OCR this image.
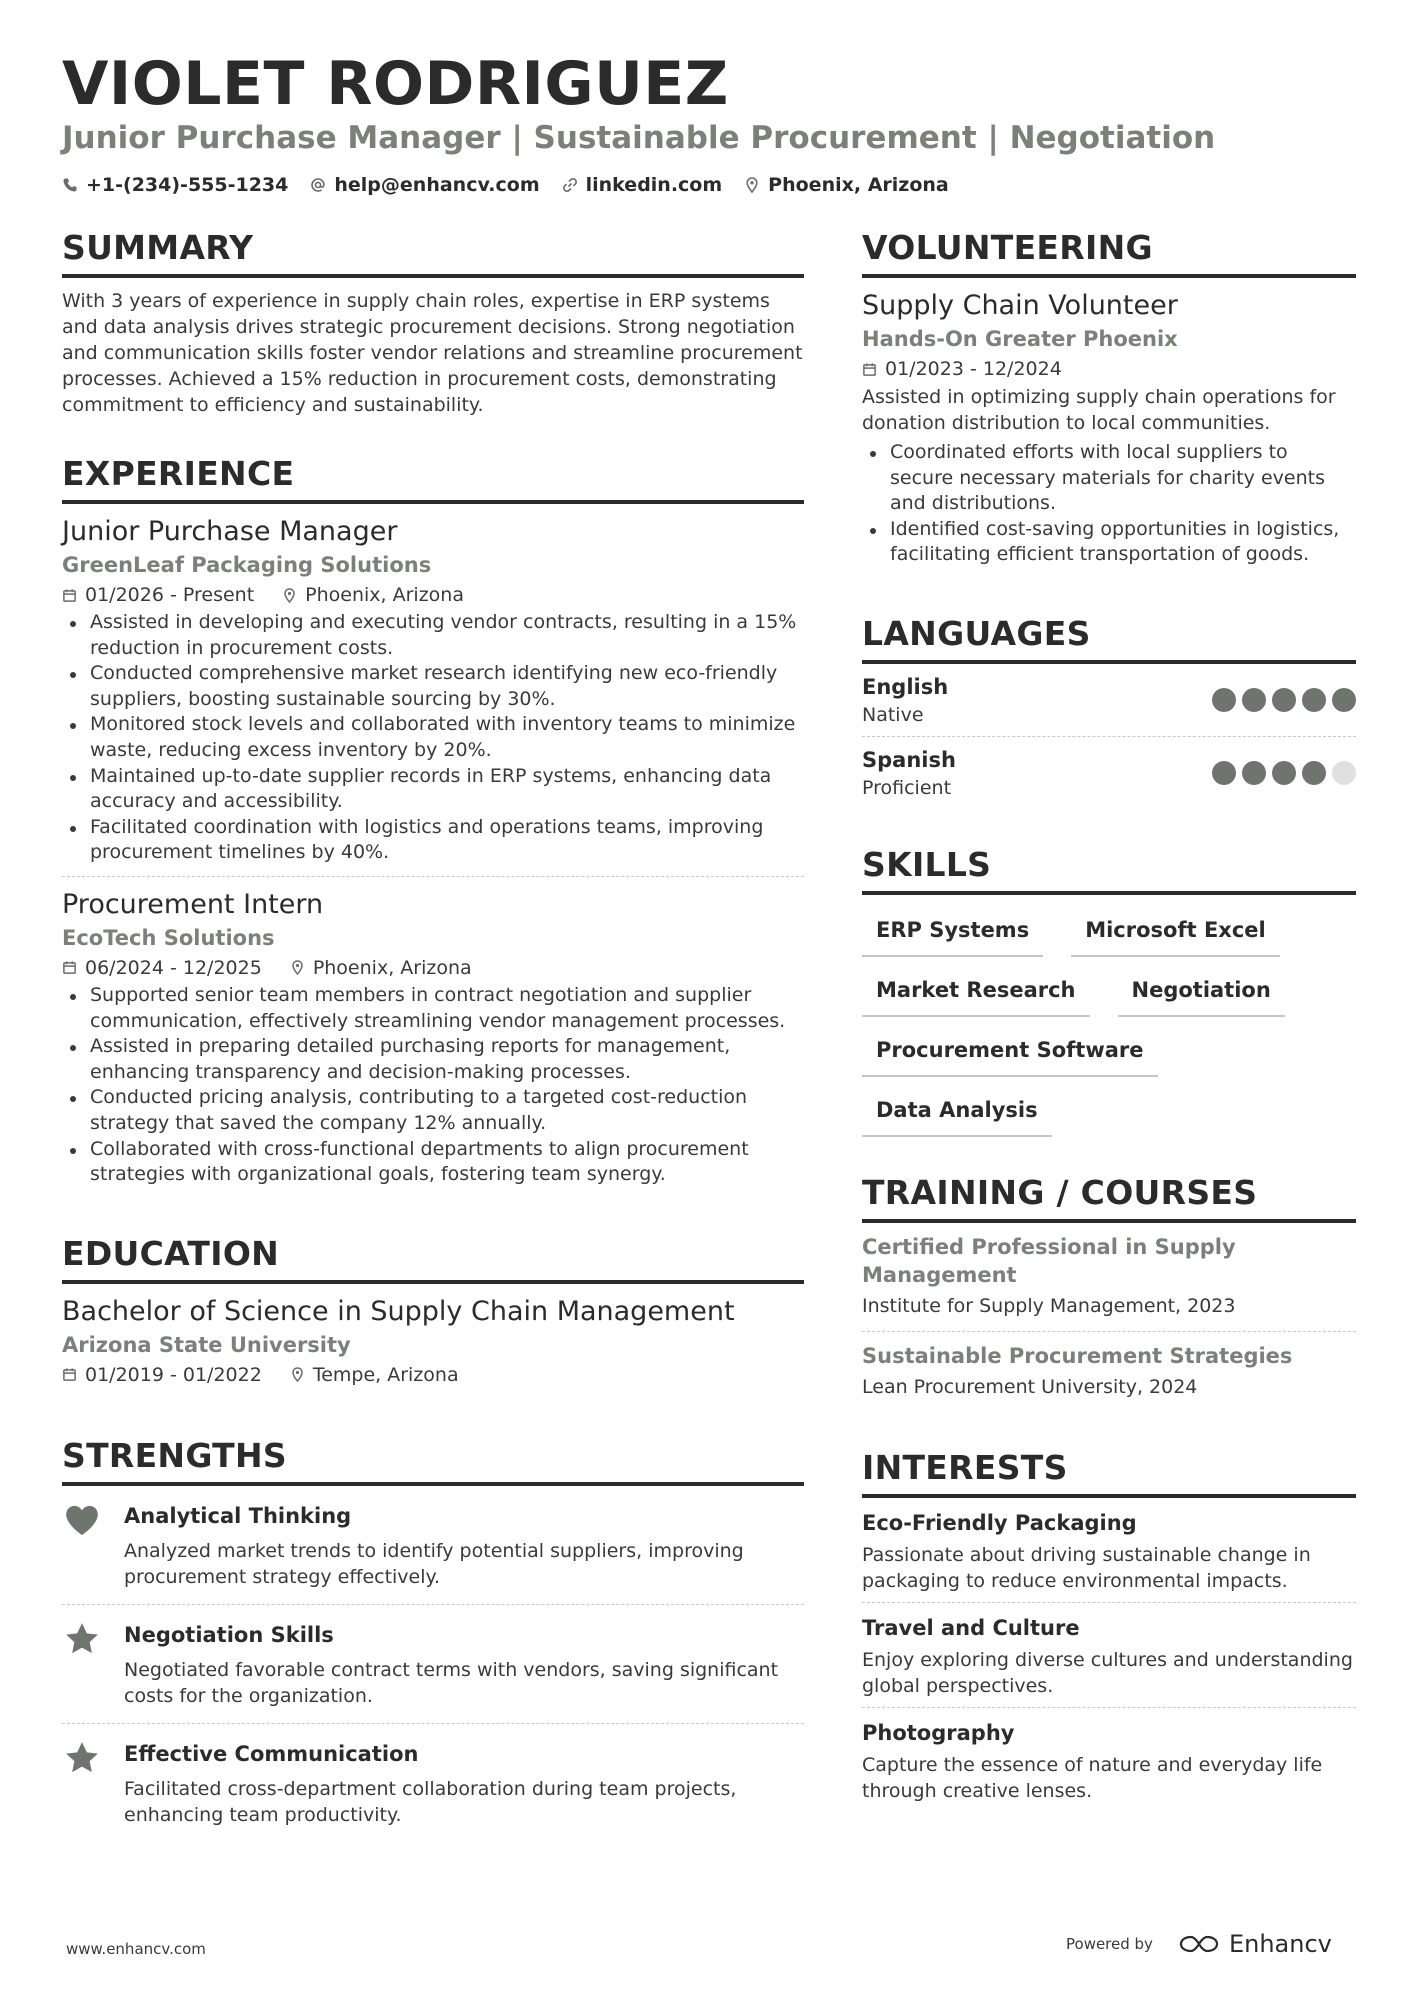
VIOLET RODRIGUEZ
Junior Purchase Manager | Sustainable Procurement | Negotiation
+1-(234)-555-1234 help@enhancv.com linkedin.com Phoenix, Arizona
SUMMARY
With 3 years of experience in supply chain roles, expertise in ERP systems and data analysis drives strategic procurement decisions. Strong negotiation and communication skills foster vendor relations and streamline procurement processes. Achieved a 15% reduction in procurement costs, demonstrating commitment to efficiency and sustainability.
EXPERIENCE
Junior Purchase Manager
GreenLeaf Packaging Solutions
01/2026 - Present	Phoenix, Arizona
Assisted in developing and executing vendor contracts, resulting in a 15% reduction in procurement costs.
Conducted comprehensive market research identifying new eco-friendly suppliers, boosting sustainable sourcing by 30%.
Monitored stock levels and collaborated with inventory teams to minimize waste, reducing excess inventory by 20%.
Maintained up-to-date supplier records in ERP systems, enhancing data accuracy and accessibility.
Facilitated coordination with logistics and operations teams, improving procurement timelines by 40%.
Procurement Intern
EcoTech Solutions
06/2024 - 12/2025	Phoenix, Arizona
Supported senior team members in contract negotiation and supplier communication, effectively streamlining vendor management processes.
Assisted in preparing detailed purchasing reports for management, enhancing transparency and decision-making processes.
Conducted pricing analysis, contributing to a targeted cost-reduction strategy that saved the company 12% annually.
Collaborated with cross-functional departments to align procurement strategies with organizational goals, fostering team synergy.
EDUCATION
Bachelor of Science in Supply Chain Management
Arizona State University
01/2019 - 01/2022	Tempe, Arizona
STRENGTHS
Analytical Thinking
Analyzed market trends to identify potential suppliers, improving procurement strategy effectively.
Negotiation Skills
Negotiated favorable contract terms with vendors, saving significant costs for the organization.
Effective Communication
Facilitated cross-department collaboration during team projects, enhancing team productivity.
VOLUNTEERING
Supply Chain Volunteer
Hands-On Greater Phoenix
01/2023 - 12/2024
Assisted in optimizing supply chain operations for donation distribution to local communities.
Coordinated efforts with local suppliers to secure necessary materials for charity events and distributions.
Identified cost-saving opportunities in logistics, facilitating efficient transportation of goods.
LANGUAGES
English
Native
Spanish
Proficient
SKILLS
ERP Systems	Microsoft Excel
Market Research	Negotiation
Procurement Software
Data Analysis
TRAINING / COURSES
Certified Professional in Supply Management
Institute for Supply Management, 2023
Sustainable Procurement Strategies
Lean Procurement University, 2024
INTERESTS
Eco-Friendly Packaging
Passionate about driving sustainable change in packaging to reduce environmental impacts.
Travel and Culture
Enjoy exploring diverse cultures and understanding global perspectives.
Photography
Capture the essence of nature and everyday life through creative lenses.
www.enhancv.com	Powered by	Enhancv
